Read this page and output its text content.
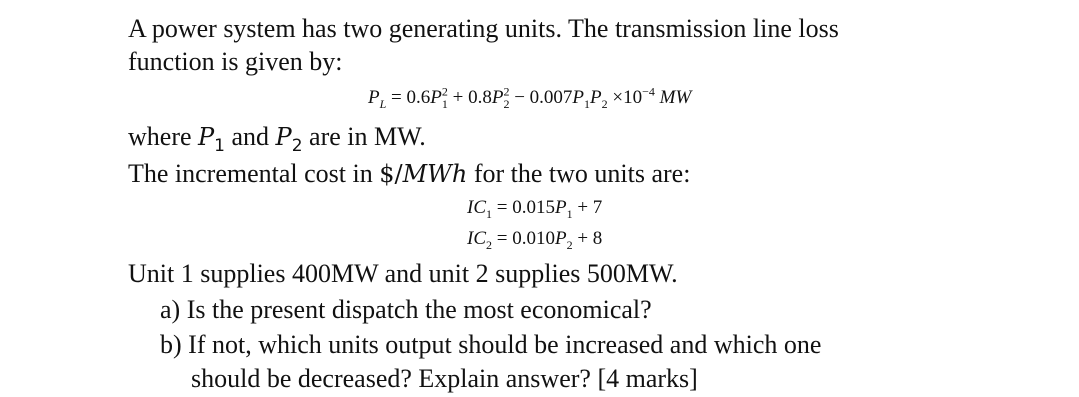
A power system has two generating units. The transmission line loss
function is given by:
$P_L = 0.6P^2_1 + 0.8P^2_2 - 0.007P_1P_2 \times 10^{-4}$ MW
where $P_1$ and $P_2$ are in MW.
The incremental cost in $/MWh for the two units are:
$IC_1 = 0.015P_1 + 7$
$IC_2 = 0.010P_2 + 8$
Unit 1 supplies 400MW and unit 2 supplies 500MW.
a) Is the present dispatch the most economical?
b) If not, which units output should be increased and which one
should be decreased? Explain answer? [4 marks]
